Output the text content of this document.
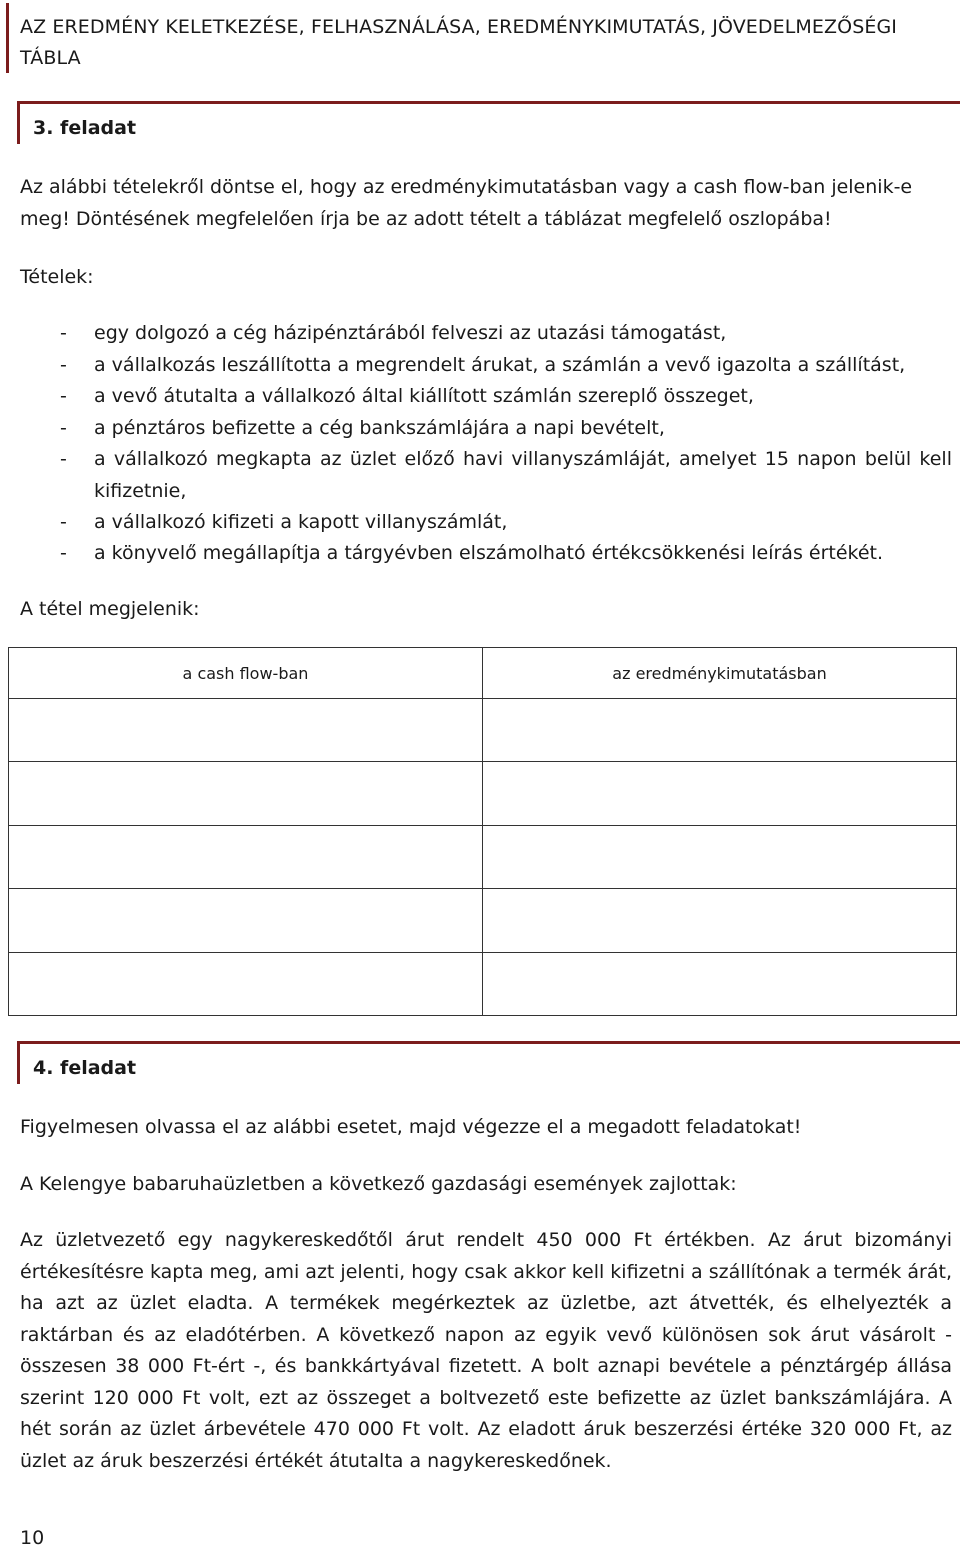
AZ EREDMÉNY KELETKEZÉSE, FELHASZNÁLÁSA, EREDMÉNYKIMUTATÁS, JÖVEDELMEZŐSÉGI TÁBLA
3. feladat
Az alábbi tételekről döntse el, hogy az eredménykimutatásban vagy a cash flow-ban jelenik-e meg! Döntésének megfelelően írja be az adott tételt a táblázat megfelelő oszlopába!
Tételek:
- egy dolgozó a cég házipénztárából felveszi az utazási támogatást,
- a vállalkozás leszállította a megrendelt árukat, a számlán a vevő igazolta a szállítást,
- a vevő átutalta a vállalkozó által kiállított számlán szereplő összeget,
- a pénztáros befizette a cég bankszámlájára a napi bevételt,
- a vállalkozó megkapta az üzlet előző havi villanyszámláját, amelyet 15 napon belül kell kifizetnie,
- a vállalkozó kifizeti a kapott villanyszámlát,
- a könyvelő megállapítja a tárgyévben elszámolható értékcsökkenési leírás értékét.
A tétel megjelenik:
a cash flow-ban	az eredménykimutatásban

4. feladat
Figyelmesen olvassa el az alábbi esetet, majd végezze el a megadott feladatokat!
A Kelengye babaruhaüzletben a következő gazdasági események zajlottak:
Az üzletvezető egy nagykereskedőtől árut rendelt 450 000 Ft értékben. Az árut bizományi értékesítésre kapta meg, ami azt jelenti, hogy csak akkor kell kifizetni a szállítónak a termék árát, ha azt az üzlet eladta. A termékek megérkeztek az üzletbe, azt átvették, és elhelyezték a raktárban és az eladótérben. A következő napon az egyik vevő különösen sok árut vásárolt - összesen 38 000 Ft-ért -, és bankkártyával fizetett. A bolt aznapi bevétele a pénztárgép állása szerint 120 000 Ft volt, ezt az összeget a boltvezető este befizette az üzlet bankszámlájára. A hét során az üzlet árbevétele 470 000 Ft volt. Az eladott áruk beszerzési értéke 320 000 Ft, az üzlet az áruk beszerzési értékét átutalta a nagykereskedőnek.
10
